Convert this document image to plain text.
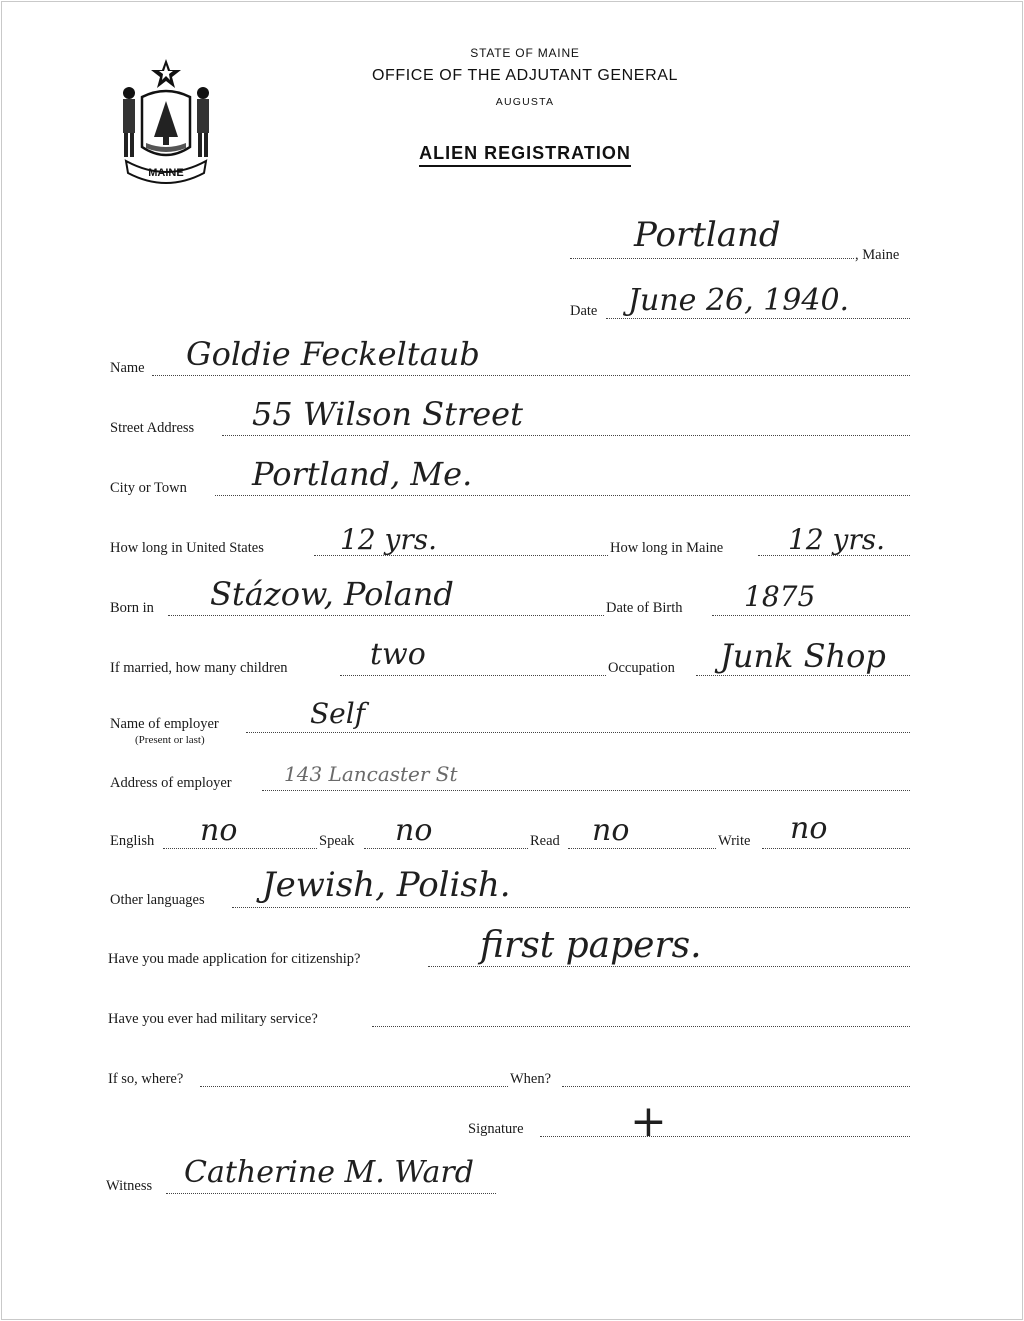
MAINE
STATE OF MAINE
OFFICE OF THE ADJUTANT GENERAL
AUGUSTA
ALIEN REGISTRATION
Portland	, Maine
Date June 26, 1940.
Name Goldie Feckeltaub
Street Address 55 Wilson Street
City or Town Portland, Me.
How long in United States	12 yrs.	How long in Maine 12 yrs.
Born in Stázow, Poland	Date of Birth 1875
If married, how many children	two	Occupation Junk Shop
Name of employer
(Present or last)
Self
Address of employer	143 Lancaster St
English no	Speak no	Read no	Write no
Other languages Jewish, Polish.
Have you made application for citizenship?	first papers.
Have you ever had military service?
If so, where?	When?
Signature +
Witness Catherine M. Ward
